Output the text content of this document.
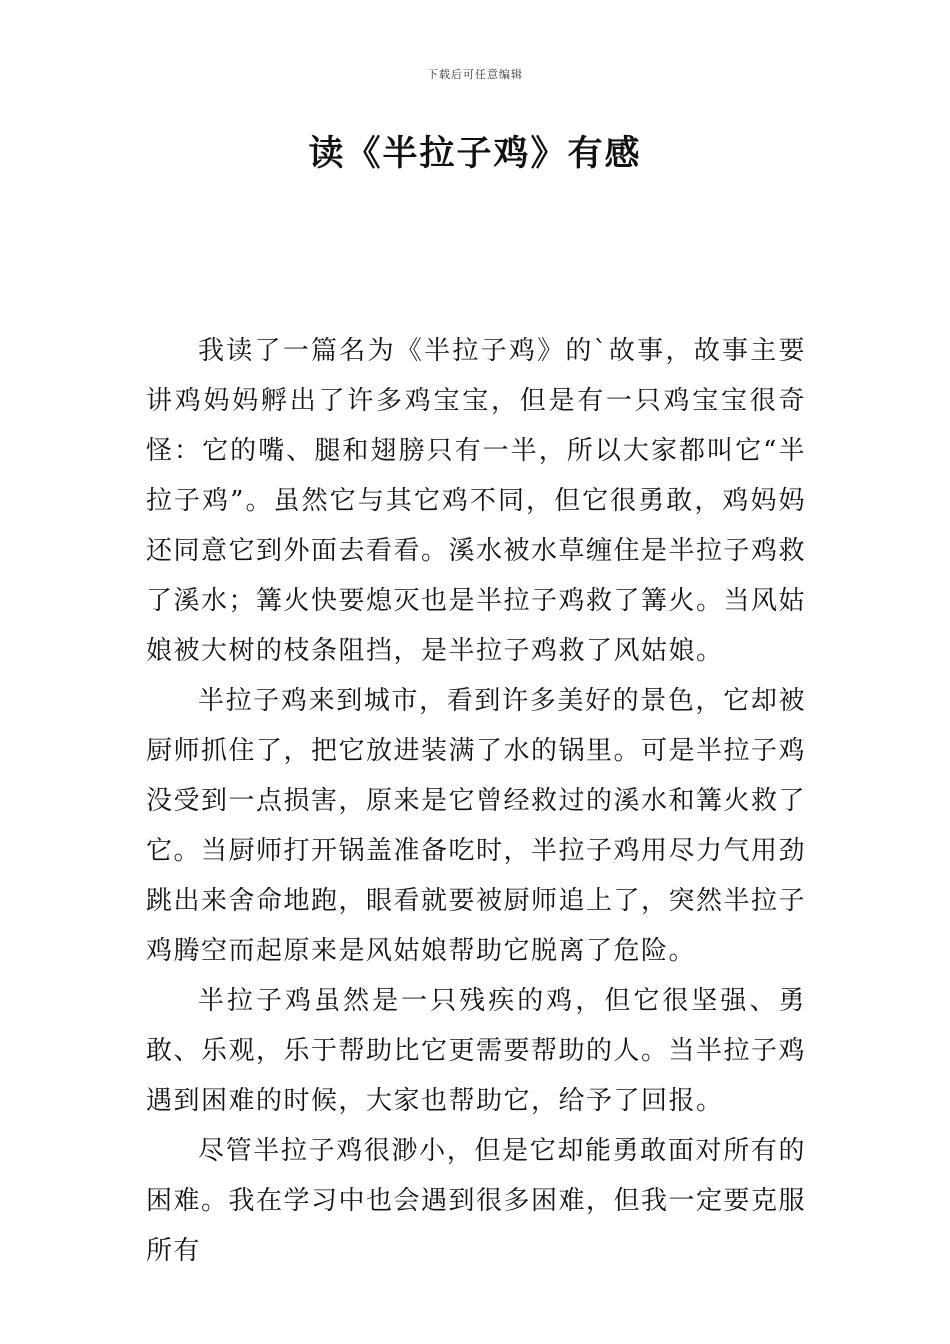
下载后可任意编辑
读《半拉子鸡》有感

我读了一篇名为《半拉子鸡》的`故事，故事主要讲鸡妈妈孵出了许多鸡宝宝，但是有一只鸡宝宝很奇怪：它的嘴、腿和翅膀只有一半，所以大家都叫它“半拉子鸡”。虽然它与其它鸡不同，但它很勇敢，鸡妈妈还同意它到外面去看看。溪水被水草缠住是半拉子鸡救了溪水；篝火快要熄灭也是半拉子鸡救了篝火。当风姑娘被大树的枝条阻挡，是半拉子鸡救了风姑娘。

半拉子鸡来到城市，看到许多美好的景色，它却被厨师抓住了，把它放进装满了水的锅里。可是半拉子鸡没受到一点损害，原来是它曾经救过的溪水和篝火救了它。当厨师打开锅盖准备吃时，半拉子鸡用尽力气用劲跳出来舍命地跑，眼看就要被厨师追上了，突然半拉子鸡腾空而起原来是风姑娘帮助它脱离了危险。

半拉子鸡虽然是一只残疾的鸡，但它很坚强、勇敢、乐观，乐于帮助比它更需要帮助的人。当半拉子鸡遇到困难的时候，大家也帮助它，给予了回报。

尽管半拉子鸡很渺小，但是它却能勇敢面对所有的困难。我在学习中也会遇到很多困难，但我一定要克服所有
